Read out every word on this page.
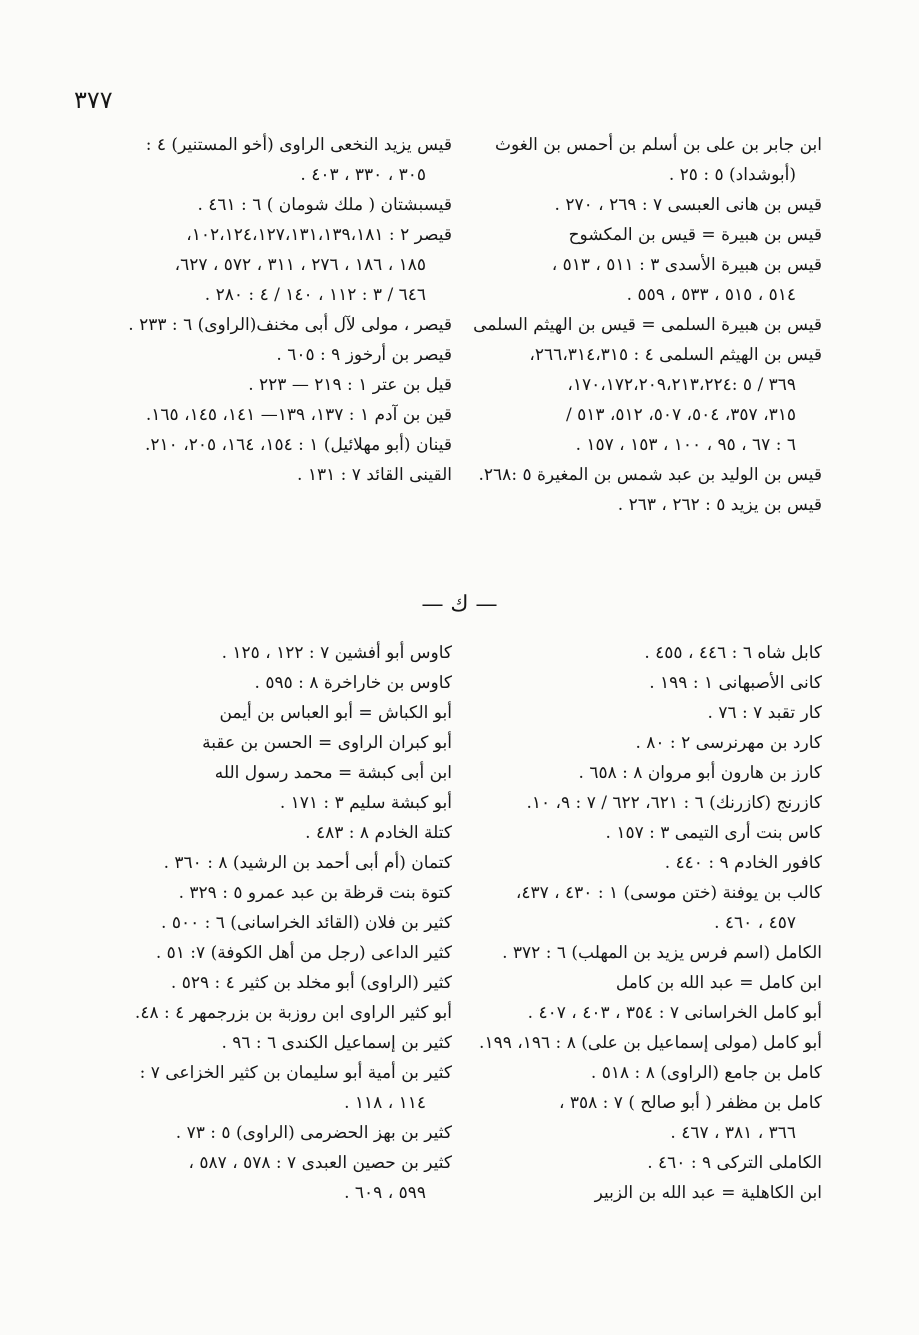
٣٧٧
ابن جابر بن على بن أسلم بن أحمس بن الغوث
(أبوشداد) ٥ : ٢٥ .
قيس بن هانى العبسى ٧ : ٢٦٩ ، ٢٧٠ .
قيس بن هبيرة = قيس بن المكشوح
قيس بن هبيرة الأسدى ٣ : ٥١١ ، ٥١٣ ،
٥١٤ ، ٥١٥ ، ٥٣٣ ، ٥٥٩ .
قيس بن هبيرة السلمى = قيس بن الهيثم السلمى
قيس بن الهيثم السلمى ٤ : ٢٦٦،٣١٤،٣١٥،
٣٦٩ / ٥ :١٧٠،١٧٢،٢٠٩،٢١٣،٢٢٤،
٣١٥، ٣٥٧، ٥٠٤، ٥٠٧، ٥١٢، ٥١٣ /
٦ : ٦٧ ، ٩٥ ، ١٠٠ ، ١٥٣ ، ١٥٧ .
قيس بن الوليد بن عبد شمس بن المغيرة ٥ :٢٦٨.
قيس بن يزيد ٥ : ٢٦٢ ، ٢٦٣ .
قيس يزيد النخعى الراوى (أخو المستنير) ٤ :
٣٠٥ ، ٣٣٠ ، ٤٠٣ .
قيسبشتان ( ملك شومان ) ٦ : ٤٦١ .
قيصر ٢ : ١٠٢،١٢٤،١٢٧،١٣١،١٣٩،١٨١،
١٨٥ ، ١٨٦ ، ٢٧٦ ، ٣١١ ، ٥٧٢ ، ٦٢٧،
٦٤٦ / ٣ : ١١٢ ، ١٤٠ / ٤ : ٢٨٠ .
قيصر ، مولى لآل أبى مخنف(الراوى) ٦ : ٢٣٣ .
قيصر بن أرخوز ٩ : ٦٠٥ .
قيل بن عتر ١ : ٢١٩ — ٢٢٣ .
قين بن آدم ١ : ١٣٧، ١٣٩— ١٤١، ١٤٥، ١٦٥.
قينان (أبو مهلائيل) ١ : ١٥٤، ١٦٤، ٢٠٥، ٢١٠.
القينى القائد ٧ : ١٣١ .
— ك —
كابل شاه ٦ : ٤٤٦ ، ٤٥٥ .
كانى الأصبهانى ١ : ١٩٩ .
كار تقبد ٧ : ٧٦ .
كارد بن مهرنرسى ٢ : ٨٠ .
كارز بن هارون أبو مروان ٨ : ٦٥٨ .
كازرنج (كازرنك) ٦ : ٦٢١، ٦٢٢ / ٧ : ٩، ١٠.
كاس بنت أرى التيمى ٣ : ١٥٧ .
كافور الخادم ٩ : ٤٤٠ .
كالب بن يوفنة (ختن موسى) ١ : ٤٣٠ ، ٤٣٧،
٤٥٧ ، ٤٦٠ .
الكامل (اسم فرس يزيد بن المهلب) ٦ : ٣٧٢ .
ابن كامل = عبد الله بن كامل
أبو كامل الخراسانى ٧ : ٣٥٤ ، ٤٠٣ ، ٤٠٧ .
أبو كامل (مولى إسماعيل بن على) ٨ : ١٩٦، ١٩٩.
كامل بن جامع (الراوى) ٨ : ٥١٨ .
كامل بن مظفر ( أبو صالح ) ٧ : ٣٥٨ ،
٣٦٦ ، ٣٨١ ، ٤٦٧ .
الكاملى التركى ٩ : ٤٦٠ .
ابن الكاهلية = عبد الله بن الزبير
كاوس أبو أفشين ٧ : ١٢٢ ، ١٢٥ .
كاوس بن خاراخرة ٨ : ٥٩٥ .
أبو الكباش = أبو العباس بن أيمن
أبو كبران الراوى = الحسن بن عقبة
ابن أبى كبشة = محمد رسول الله
أبو كبشة سليم ٣ : ١٧١ .
كتلة الخادم ٨ : ٤٨٣ .
كتمان (أم أبى أحمد بن الرشيد) ٨ : ٣٦٠ .
كتوة بنت قرظة بن عبد عمرو ٥ : ٣٢٩ .
كثير بن فلان (القائد الخراسانى) ٦ : ٥٠٠ .
كثير الداعى (رجل من أهل الكوفة) ٧: ٥١ .
كثير (الراوى) أبو مخلد بن كثير ٤ : ٥٢٩ .
أبو كثير الراوى ابن روزبة بن بزرجمهر ٤ : ٤٨.
كثير بن إسماعيل الكندى ٦ : ٩٦ .
كثير بن أمية أبو سليمان بن كثير الخزاعى ٧ :
١١٤ ، ١١٨ .
كثير بن بهز الحضرمى (الراوى) ٥ : ٧٣ .
كثير بن حصين العبدى ٧ : ٥٧٨ ، ٥٨٧ ،
٥٩٩ ، ٦٠٩ .
